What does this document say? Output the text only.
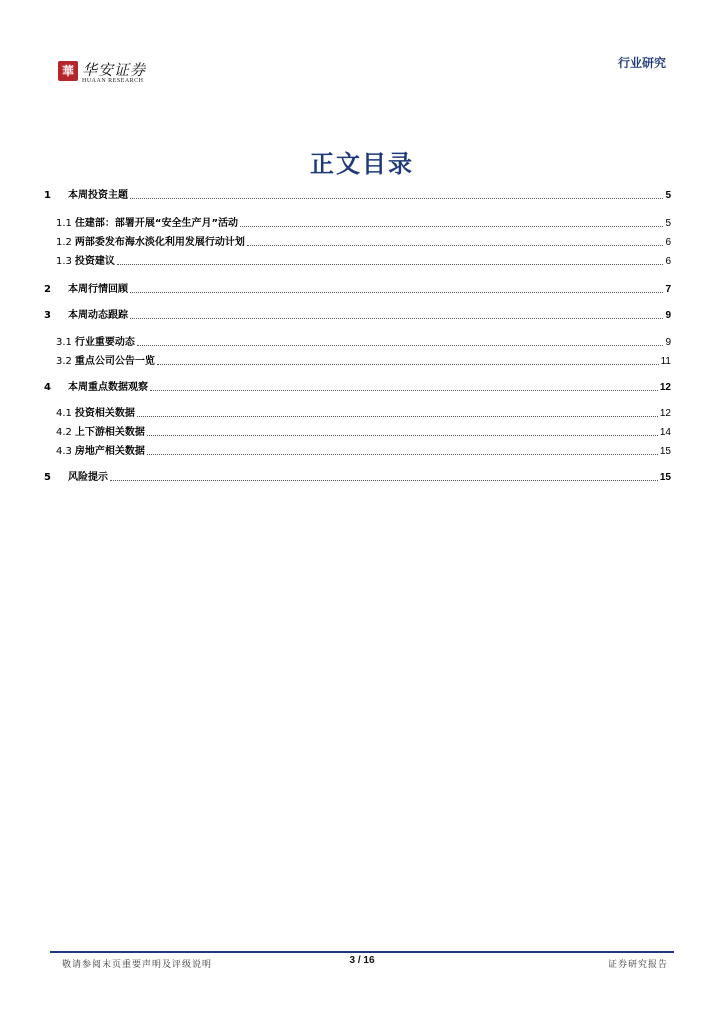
華 华安证券
HUAAN RESEARCH
行业研究
正文目录
1	本周投资主题	5
1.1 住建部：部署开展“安全生产月”活动	5
1.2 两部委发布海水淡化利用发展行动计划	6
1.3 投资建议	6
2	本周行情回顾	7
3	本周动态跟踪	9
3.1 行业重要动态	9
3.2 重点公司公告一览	11
4	本周重点数据观察	12
4.1 投资相关数据	12
4.2 上下游相关数据	14
4.3 房地产相关数据	15
5	风险提示	15
敬请参阅末页重要声明及评级说明	3 / 16	证券研究报告
